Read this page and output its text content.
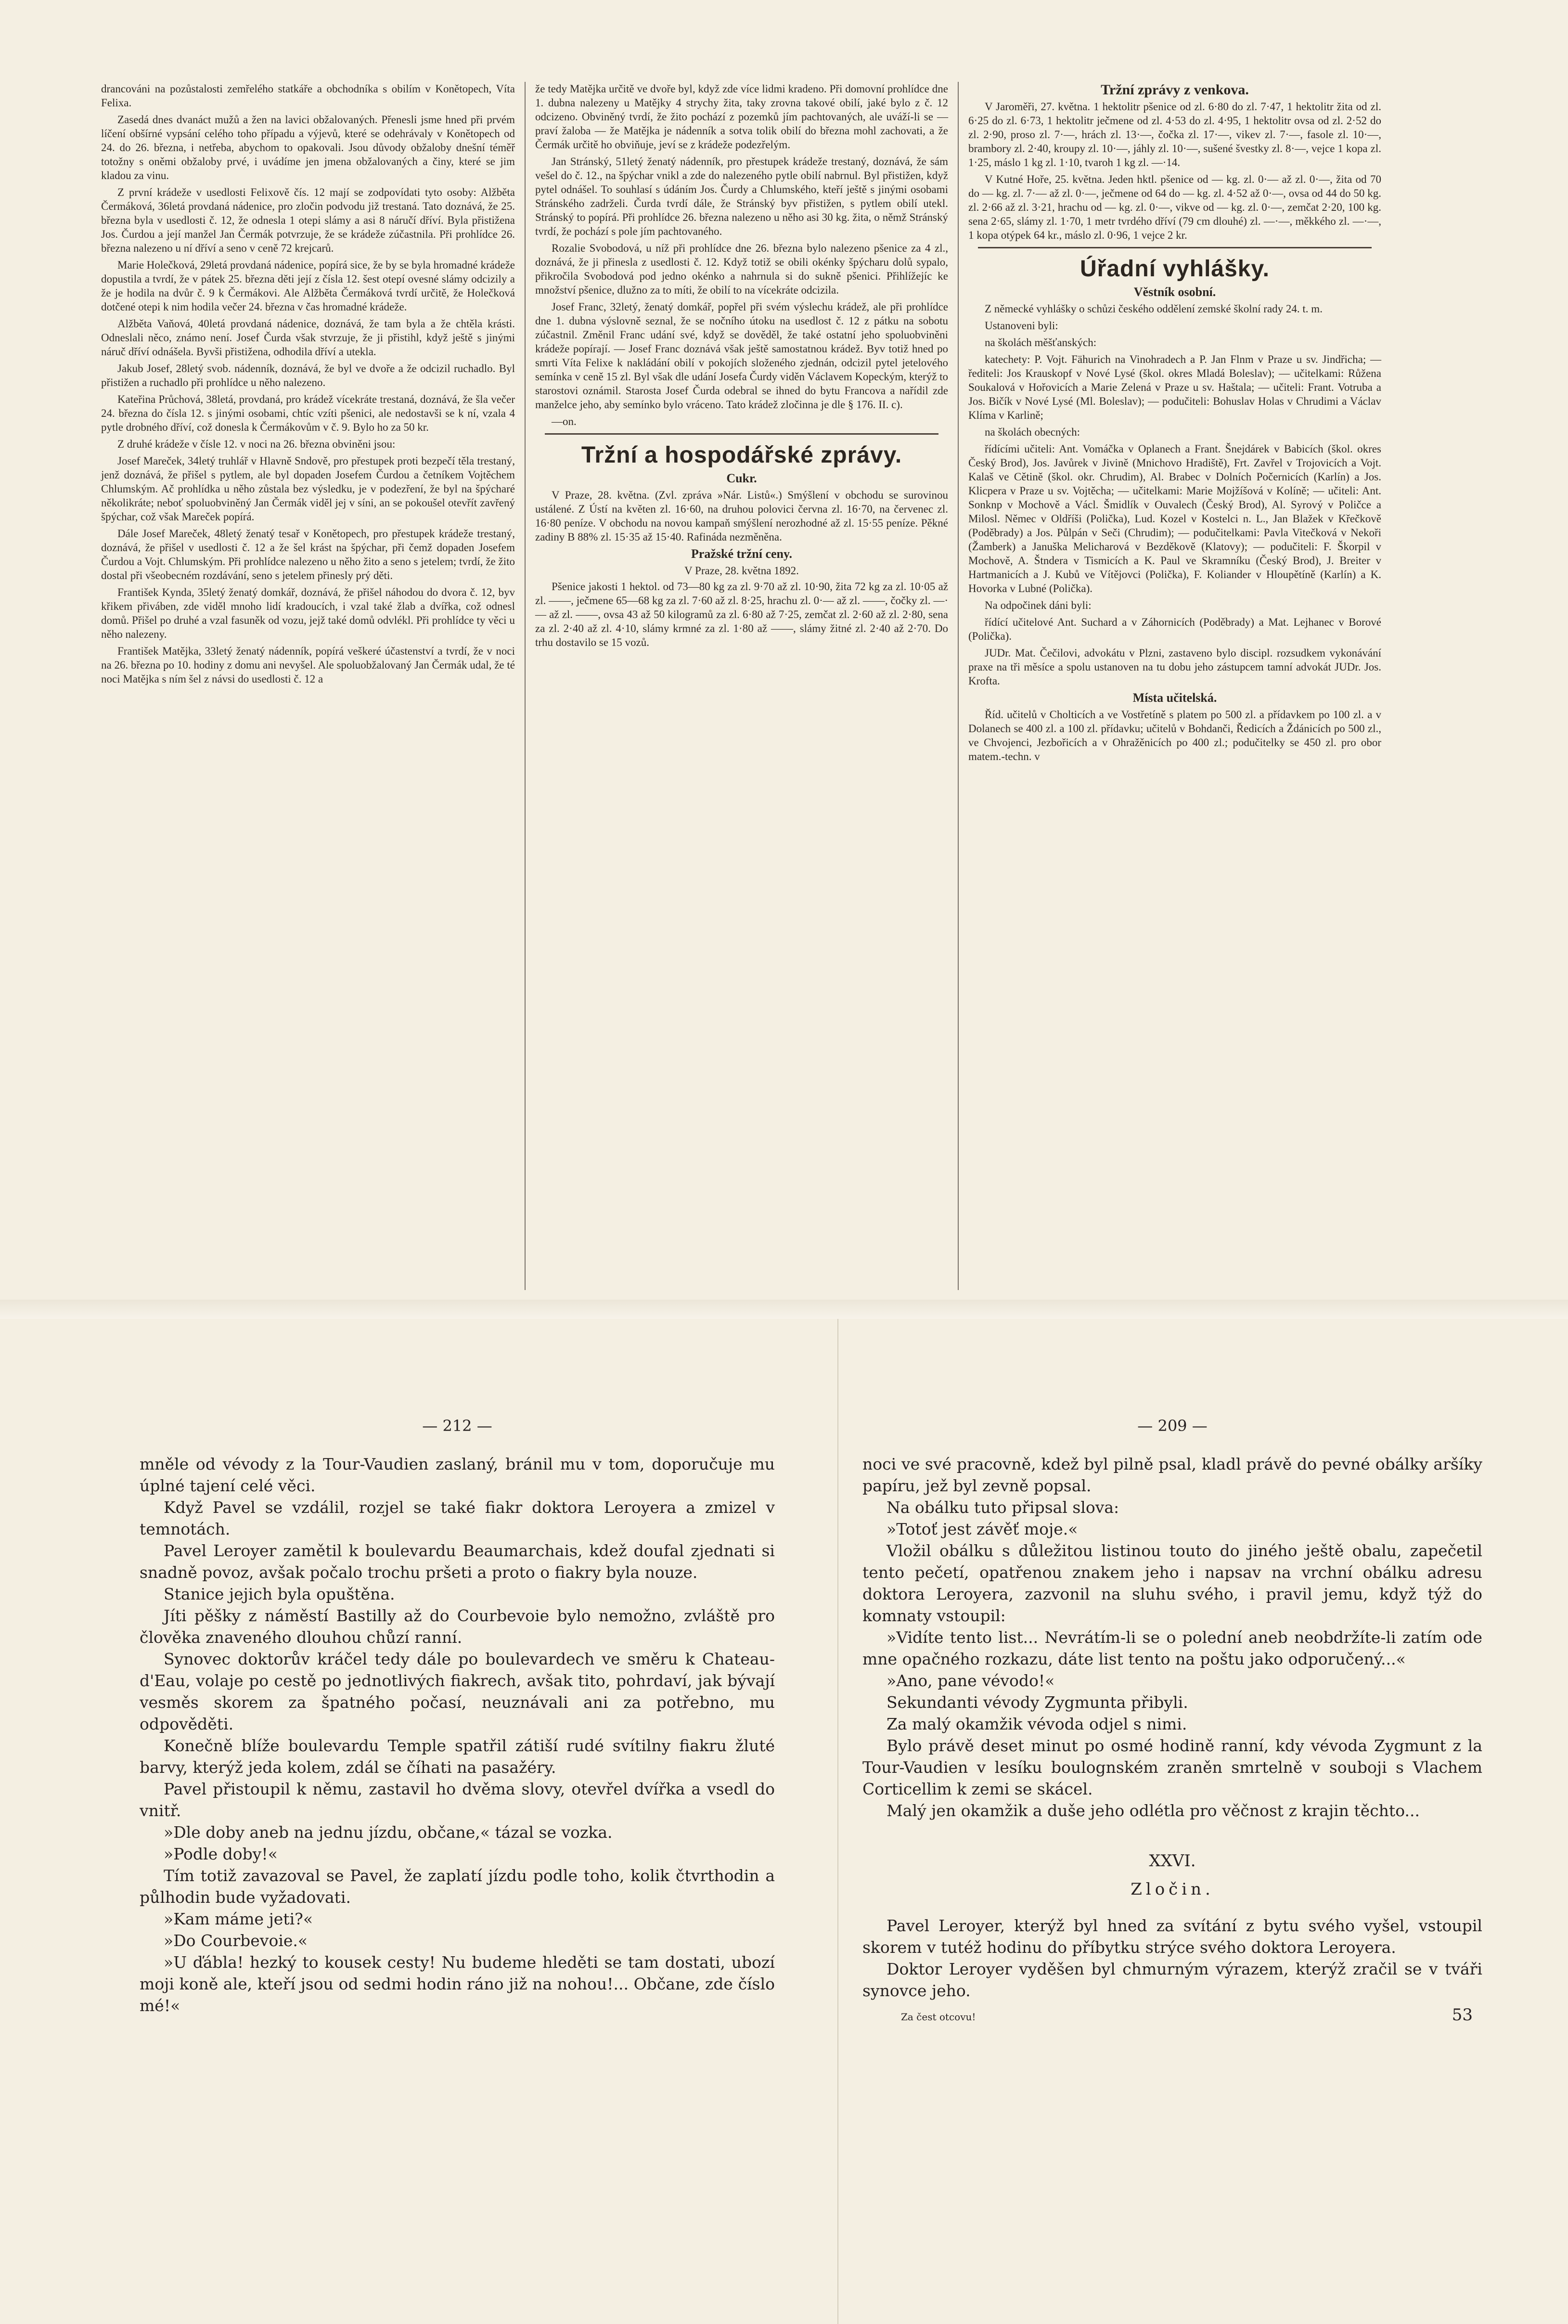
drancováni na pozůstalosti zemřelého statkáře a obchodníka s obilím v Konětopech, Víta Felixa.

Zasedá dnes dvanáct mužů a žen na lavici obžalovaných. Přenesli jsme hned při prvém líčení obšírné vypsání celého toho případu a výjevů, které se odehrávaly v Konětopech od 24. do 26. března, i netřeba, abychom to opakovali. Jsou důvody obžaloby dnešní téměř totožny s oněmi obžaloby prvé, i uvádíme jen jmena obžalovaných a činy, které se jim kladou za vinu.

Z první krádeže v usedlosti Felixově čís. 12 mají se zodpovídati tyto osoby: Alžběta Čermáková, 36letá provdaná nádenice, pro zločin podvodu již trestaná. Tato doznává, že 25. března byla v usedlosti č. 12, že odnesla 1 otepi slámy a asi 8 náručí dříví. Byla přistižena Jos. Čurdou a její manžel Jan Čermák potvrzuje, že se krádeže zúčastnila. Při prohlídce 26. března nalezeno u ní dříví a seno v ceně 72 krejcarů.

Marie Holečková, 29letá provdaná nádenice, popírá sice, že by se byla hromadné krádeže dopustila a tvrdí, že v pátek 25. března děti její z čísla 12. šest otepí ovesné slámy odcizily a že je hodila na dvůr č. 9 k Čermákovi. Ale Alžběta Čermáková tvrdí určitě, že Holečková dotčené otepi k nim hodila večer 24. března v čas hromadné krádeže.

Alžběta Vaňová, 40letá provdaná nádenice, doznává, že tam byla a že chtěla krásti. Odneslali něco, známo není. Josef Čurda však stvrzuje, že ji přistihl, když ještě s jinými náruč dříví odnášela. Byvši přistižena, odhodila dříví a utekla.

Jakub Josef, 28letý svob. nádenník, doznává, že byl ve dvoře a že odcizil ruchadlo. Byl přistižen a ruchadlo při prohlídce u něho nalezeno.

Kateřina Průchová, 38letá, provdaná, pro krádež vícekráte trestaná, doznává, že šla večer 24. března do čísla 12. s jinými osobami, chtíc vzíti pšenici, ale nedostavši se k ní, vzala 4 pytle drobného dříví, což donesla k Čermákovům v č. 9. Bylo ho za 50 kr.

Z druhé krádeže v čísle 12. v noci na 26. března obviněni jsou:

Josef Mareček, 34letý truhlář v Hlavně Sndově, pro přestupek proti bezpečí těla trestaný, jenž doznává, že přišel s pytlem, ale byl dopaden Josefem Čurdou a četníkem Vojtěchem Chlumským. Ač prohlídka u něho zůstala bez výsledku, je v podezření, že byl na špýcharé několikráte; neboť spoluobviněný Jan Čermák viděl jej v síni, an se pokoušel otevřít zavřený špýchar, což však Mareček popírá.

Dále Josef Mareček, 48letý ženatý tesař v Konětopech, pro přestupek krádeže trestaný, doznává, že přišel v usedlosti č. 12 a že šel krást na špýchar, při čemž dopaden Josefem Čurdou a Vojt. Chlumským. Při prohlídce nalezeno u něho žito a seno s jetelem; tvrdí, že žito dostal při všeobecném rozdávání, seno s jetelem přinesly prý děti.

František Kynda, 35letý ženatý domkář, doznává, že přišel náhodou do dvora č. 12, byv křikem přiváben, zde viděl mnoho lidí kradoucích, i vzal také žlab a dvířka, což odnesl domů. Přišel po druhé a vzal fasuněk od vozu, jejž také domů odvlékl. Při prohlídce ty věci u něho nalezeny.

František Matějka, 33letý ženatý nádenník, popírá veškeré účastenství a tvrdí, že v noci na 26. března po 10. hodiny z domu ani nevyšel. Ale spoluobžalovaný Jan Čermák udal, že té noci Matějka s ním šel z návsi do usedlosti č. 12 a

že tedy Matějka určitě ve dvoře byl, když zde více lidmi kradeno. Při domovní prohlídce dne 1. dubna nalezeny u Matějky 4 strychy žita, taky zrovna takové obilí, jaké bylo z č. 12 odcizeno. Obviněný tvrdí, že žito pochází z pozemků jím pachtovaných, ale uváží-li se — praví žaloba — že Matějka je nádenník a sotva tolik obilí do března mohl zachovati, a že Čermák určitě ho obviňuje, jeví se z krádeže podezřelým.

Jan Stránský, 51letý ženatý nádenník, pro přestupek krádeže trestaný, doznává, že sám vešel do č. 12., na špýchar vnikl a zde do nalezeného pytle obilí nabrnul. Byl přistižen, když pytel odnášel. To souhlasí s údáním Jos. Čurdy a Chlumského, kteří ještě s jinými osobami Stránského zadrželi. Čurda tvrdí dále, že Stránský byv přistižen, s pytlem obilí utekl. Stránský to popírá. Při prohlídce 26. března nalezeno u něho asi 30 kg. žita, o němž Stránský tvrdí, že pochází s pole jím pachtovaného.

Rozalie Svobodová, u níž při prohlídce dne 26. března bylo nalezeno pšenice za 4 zl., doznává, že ji přinesla z usedlosti č. 12. Když totiž se obili okénky špýcharu dolů sypalo, přikročila Svobodová pod jedno okénko a nahrnula si do sukně pšenici. Přihlížejíc ke množství pšenice, dlužno za to míti, že obilí to na vícekráte odcizila.

Josef Franc, 32letý, ženatý domkář, popřel při svém výslechu krádež, ale při prohlídce dne 1. dubna výslovně seznal, že se nočního útoku na usedlost č. 12 z pátku na sobotu zúčastnil. Změnil Franc udání své, když se dověděl, že také ostatní jeho spoluobviněni krádeže popírají. — Josef Franc doznává však ještě samostatnou krádež. Byv totiž hned po smrti Víta Felixe k nakládání obilí v pokojích složeného zjednán, odcizil pytel jetelového semínka v ceně 15 zl. Byl však dle udání Josefa Čurdy viděn Václavem Kopeckým, kterýž to starostovi oznámil. Starosta Josef Čurda odebral se ihned do bytu Francova a nařídil zde manželce jeho, aby semínko bylo vráceno. Tato krádež zločinna je dle § 176. II. c).

—on.

Tržní a hospodářské zprávy.
Cukr.

V Praze, 28. května. (Zvl. zpráva »Nár. Listů«.) Smýšlení v obchodu se surovinou ustálené. Z Ústí na květen zl. 16·60, na druhou polovici června zl. 16·70, na červenec zl. 16·80 peníze. V obchodu na novou kampaň smýšlení nerozhodné až zl. 15·55 peníze. Pěkné zadiny B 88% zl. 15·35 až 15·40. Rafináda nezměněna.

Pražské tržní ceny.
V Praze, 28. května 1892.

Pšenice jakosti 1 hektol. od 73—80 kg za zl. 9·70 až zl. 10·90, žita 72 kg za zl. 10·05 až zl. ——, ječmene 65—68 kg za zl. 7·60 až zl. 8·25, hrachu zl. 0·— až zl. ——, čočky zl. —·— až zl. ——, ovsa 43 až 50 kilogramů za zl. 6·80 až 7·25, zemčat zl. 2·60 až zl. 2·80, sena za zl. 2·40 až zl. 4·10, slámy krmné za zl. 1·80 až ——, slámy žitné zl. 2·40 až 2·70. Do trhu dostavilo se 15 vozů.

Tržní zprávy z venkova.

V Jaroměři, 27. května. 1 hektolitr pšenice od zl. 6·80 do zl. 7·47, 1 hektolitr žita od zl. 6·25 do zl. 6·73, 1 hektolitr ječmene od zl. 4·53 do zl. 4·95, 1 hektolitr ovsa od zl. 2·52 do zl. 2·90, proso zl. 7·—, hrách zl. 13·—, čočka zl. 17·—, vikev zl. 7·—, fasole zl. 10·—, brambory zl. 2·40, kroupy zl. 10·—, jáhly zl. 10·—, sušené švestky zl. 8·—, vejce 1 kopa zl. 1·25, máslo 1 kg zl. 1·10, tvaroh 1 kg zl. —·14.

V Kutné Hoře, 25. května. Jeden hktl. pšenice od — kg. zl. 0·— až zl. 0·—, žita od 70 do — kg. zl. 7·— až zl. 0·—, ječmene od 64 do — kg. zl. 4·52 až 0·—, ovsa od 44 do 50 kg. zl. 2·66 až zl. 3·21, hrachu od — kg. zl. 0·—, vikve od — kg. zl. 0·—, zemčat 2·20, 100 kg. sena 2·65, slámy zl. 1·70, 1 metr tvrdého dříví (79 cm dlouhé) zl. —·—, měkkého zl. —·—, 1 kopa otýpek 64 kr., máslo zl. 0·96, 1 vejce 2 kr.

Úřadní vyhlášky.
Věstník osobní.

Z německé vyhlášky o schůzi českého oddělení zemské školní rady 24. t. m.

Ustanoveni byli:

na školách měšťanských:

katechety: P. Vojt. Fähurich na Vinohradech a P. Jan Flnm v Praze u sv. Jindřicha; — řediteli: Jos Krauskopf v Nové Lysé (škol. okres Mladá Boleslav); — učitelkami: Růžena Soukalová v Hořovicích a Marie Zelená v Praze u sv. Haštala; — učiteli: Frant. Votruba a Jos. Bičík v Nové Lysé (Ml. Boleslav); — podučiteli: Bohuslav Holas v Chrudimi a Václav Klíma v Karlině;

na školách obecných:

řídícími učiteli: Ant. Vomáčka v Oplanech a Frant. Šnejdárek v Babicích (škol. okres Český Brod), Jos. Javůrek v Jivině (Mnichovo Hradiště), Frt. Zavřel v Trojovicích a Vojt. Kalaš ve Cětině (škol. okr. Chrudim), Al. Brabec v Dolních Počernicích (Karlín) a Jos. Klicpera v Praze u sv. Vojtěcha; — učitelkami: Marie Mojžíšová v Kolíně; — učiteli: Ant. Sonknp v Mochově a Václ. Šmidlík v Ouvalech (Český Brod), Al. Syrový v Poličce a Milosl. Němec v Oldříši (Polička), Lud. Kozel v Kostelci n. L., Jan Blažek v Křečkově (Poděbrady) a Jos. Půlpán v Seči (Chrudim); — podučitelkami: Pavla Vitečková v Nekoři (Žamberk) a Januška Melicharová v Bezděkově (Klatovy); — podučiteli: F. Škorpil v Mochově, A. Štndera v Tismicích a K. Paul ve Skramníku (Český Brod), J. Breiter v Hartmanicích a J. Kubů ve Vítějovci (Polička), F. Koliander v Hloupětíně (Karlín) a K. Hovorka v Lubné (Polička).

Na odpočinek dáni byli:

řídící učitelové Ant. Suchard a v Záhornicích (Poděbrady) a Mat. Lejhanec v Borové (Polička).

JUDr. Mat. Čečilovi, advokátu v Plzni, zastaveno bylo discipl. rozsudkem vykonávání praxe na tři měsíce a spolu ustanoven na tu dobu jeho zástupcem tamní advokát JUDr. Jos. Krofta.

Místa učitelská.

Říd. učitelů v Cholticích a ve Vostřetíně s platem po 500 zl. a přídavkem po 100 zl. a v Dolanech se 400 zl. a 100 zl. přídavku; učitelů v Bohdanči, Ředicích a Ždánicích po 500 zl., ve Chvojenci, Jezbořicích a v Ohražěnicích po 400 zl.; podučitelky se 450 zl. pro obor matem.-techn. v

— 212 —

mněle od vévody z la Tour-Vaudien zaslaný, bránil mu v tom, doporučuje mu úplné tajení celé věci.

Když Pavel se vzdálil, rozjel se také fiakr doktora Leroyera a zmizel v temnotách.

Pavel Leroyer zamětil k boulevardu Beaumarchais, kdež doufal zjednati si snadně povoz, avšak počalo trochu pršeti a proto o fiakry byla nouze.

Stanice jejich byla opuštěna.

Jíti pěšky z náměstí Bastilly až do Courbevoie bylo nemožno, zvláště pro člověka znaveného dlouhou chůzí ranní.

Synovec doktorův kráčel tedy dále po boulevardech ve směru k Chateau-d'Eau, volaje po cestě po jednotlivých fiakrech, avšak tito, pohrdaví, jak bývají vesměs skorem za špatného počasí, neuznávali ani za potřebno, mu odpověděti.

Konečně blíže boulevardu Temple spatřil zátiší rudé svítilny fiakru žluté barvy, kterýž jeda kolem, zdál se číhati na pasažéry.

Pavel přistoupil k němu, zastavil ho dvěma slovy, otevřel dvířka a vsedl do vnitř.

»Dle doby aneb na jednu jízdu, občane,« tázal se vozka.

»Podle doby!«

Tím totiž zavazoval se Pavel, že zaplatí jízdu podle toho, kolik čtvrthodin a půlhodin bude vyžadovati.

»Kam máme jeti?«

»Do Courbevoie.«

»U ďábla! hezký to kousek cesty! Nu budeme hleděti se tam dostati, ubozí moji koně ale, kteří jsou od sedmi hodin ráno již na nohou!... Občane, zde číslo mé!«

— 209 —

noci ve své pracovně, kdež byl pilně psal, kladl právě do pevné obálky aršíky papíru, jež byl zevně popsal.

Na obálku tuto připsal slova:

»Totoť jest závěť moje.«

Vložil obálku s důležitou listinou touto do jiného ještě obalu, zapečetil tento pečetí, opatřenou znakem jeho i napsav na vrchní obálku adresu doktora Leroyera, zazvonil na sluhu svého, i pravil jemu, když týž do komnaty vstoupil:

»Vidíte tento list... Nevrátím-li se o polední aneb neobdržíte-li zatím ode mne opačného rozkazu, dáte list tento na poštu jako odporučený...«

»Ano, pane vévodo!«

Sekundanti vévody Zygmunta přibyli.

Za malý okamžik vévoda odjel s nimi.

Bylo právě deset minut po osmé hodině ranní, kdy vévoda Zygmunt z la Tour-Vaudien v lesíku boulognském zraněn smrtelně v souboji s Vlachem Corticellim k zemi se skácel.

Malý jen okamžik a duše jeho odlétla pro věčnost z krajin těchto...

XXVI.
Zločin.

Pavel Leroyer, kterýž byl hned za svítání z bytu svého vyšel, vstoupil skorem v tutéž hodinu do příbytku strýce svého doktora Leroyera.

Doktor Leroyer vyděšen byl chmurným výrazem, kterýž zračil se v tváři synovce jeho.

Za čest otcovu!	53
